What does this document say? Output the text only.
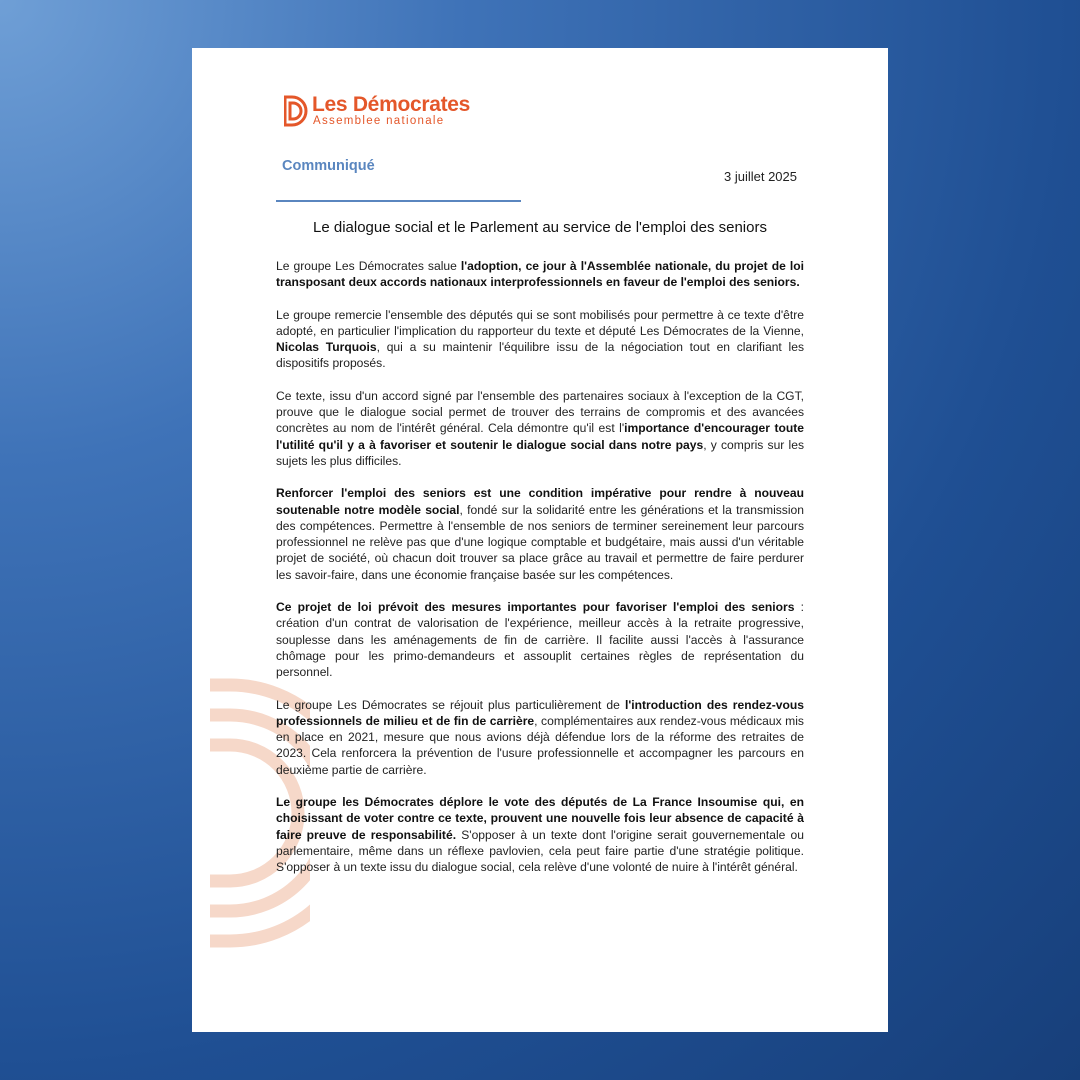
Les Démocrates
Assemblee nationale
Communiqué
3 juillet 2025
Le dialogue social et le Parlement au service de l'emploi des seniors

Le groupe Les Démocrates salue l'adoption, ce jour à l'Assemblée nationale, du projet de loi transposant deux accords nationaux interprofessionnels en faveur de l'emploi des seniors.

Le groupe remercie l'ensemble des députés qui se sont mobilisés pour permettre à ce texte d'être adopté, en particulier l'implication du rapporteur du texte et député Les Démocrates de la Vienne, Nicolas Turquois, qui a su maintenir l'équilibre issu de la négociation tout en clarifiant les dispositifs proposés.

Ce texte, issu d'un accord signé par l'ensemble des partenaires sociaux à l'exception de la CGT, prouve que le dialogue social permet de trouver des terrains de compromis et des avancées concrètes au nom de l'intérêt général. Cela démontre qu'il est l'importance d'encourager toute l'utilité qu'il y a à favoriser et soutenir le dialogue social dans notre pays, y compris sur les sujets les plus difficiles.

Renforcer l'emploi des seniors est une condition impérative pour rendre à nouveau soutenable notre modèle social, fondé sur la solidarité entre les générations et la transmission des compétences. Permettre à l'ensemble de nos seniors de terminer sereinement leur parcours professionnel ne relève pas que d'une logique comptable et budgétaire, mais aussi d'un véritable projet de société, où chacun doit trouver sa place grâce au travail et permettre de faire perdurer les savoir-faire, dans une économie française basée sur les compétences.

Ce projet de loi prévoit des mesures importantes pour favoriser l'emploi des seniors : création d'un contrat de valorisation de l'expérience, meilleur accès à la retraite progressive, souplesse dans les aménagements de fin de carrière. Il facilite aussi l'accès à l'assurance chômage pour les primo-demandeurs et assouplit certaines règles de représentation du personnel.

Le groupe Les Démocrates se réjouit plus particulièrement de l'introduction des rendez-vous professionnels de milieu et de fin de carrière, complémentaires aux rendez-vous médicaux mis en place en 2021, mesure que nous avions déjà défendue lors de la réforme des retraites de 2023. Cela renforcera la prévention de l'usure professionnelle et accompagner les parcours en deuxième partie de carrière.

Le groupe les Démocrates déplore le vote des députés de La France Insoumise qui, en choisissant de voter contre ce texte, prouvent une nouvelle fois leur absence de capacité à faire preuve de responsabilité. S'opposer à un texte dont l'origine serait gouvernementale ou parlementaire, même dans un réflexe pavlovien, cela peut faire partie d'une stratégie politique. S'opposer à un texte issu du dialogue social, cela relève d'une volonté de nuire à l'intérêt général.
